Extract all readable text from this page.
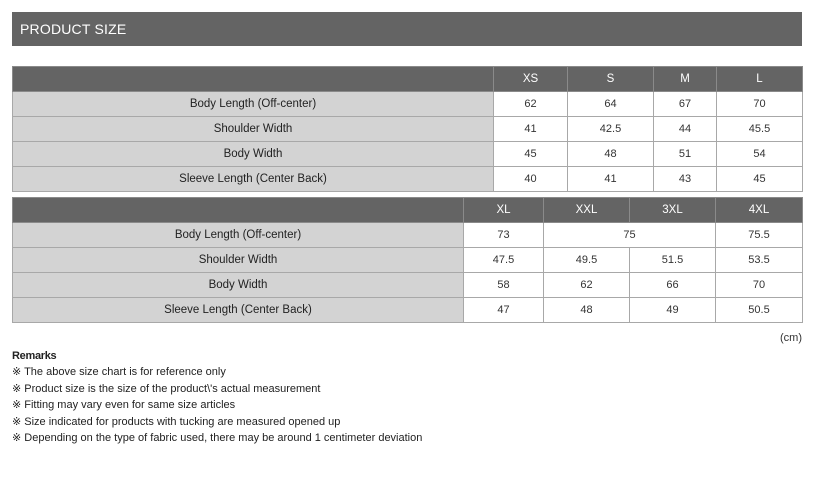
PRODUCT SIZE
	XS	S	M	L
Body Length (Off-center)	62	64	67	70
Shoulder Width	41	42.5	44	45.5
Body Width	45	48	51	54
Sleeve Length (Center Back)	40	41	43	45
	XL	XXL	3XL	4XL
Body Length (Off-center)	73	75		75.5
Shoulder Width	47.5	49.5	51.5	53.5
Body Width	58	62	66	70
Sleeve Length (Center Back)	47	48	49	50.5
(cm)
Remarks
※ The above size chart is for reference only
※ Product size is the size of the product\'s actual measurement
※ Fitting may vary even for same size articles
※ Size indicated for products with tucking are measured opened up
※ Depending on the type of fabric used, there may be around 1 centimeter deviation
